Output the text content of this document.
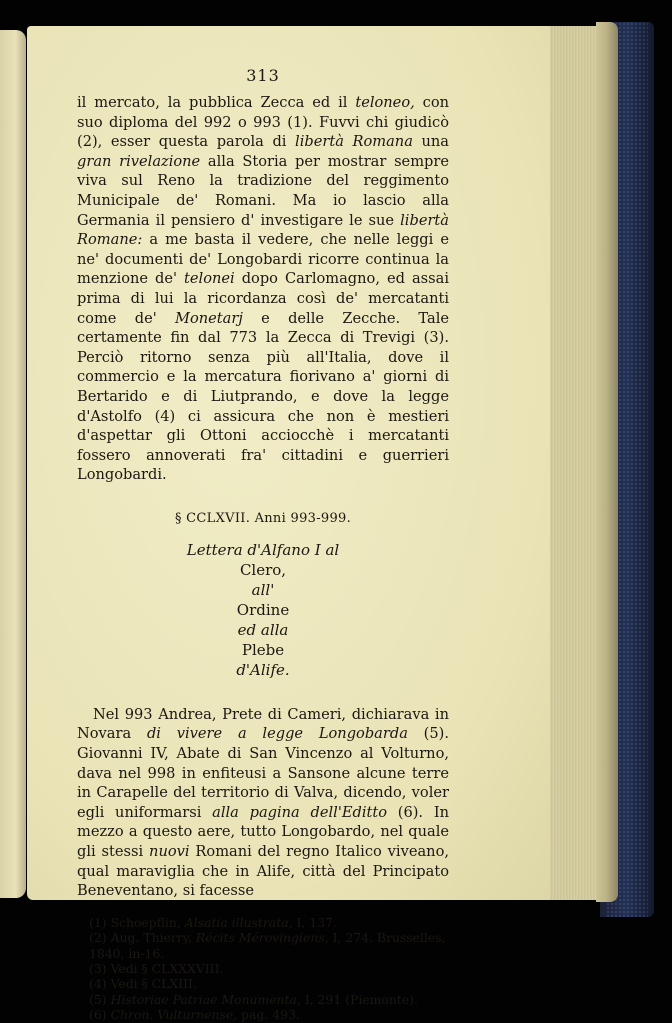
313

il mercato, la pubblica Zecca ed il teloneo, con suo diploma del 992 o 993 (1). Fuvvi chi giudicò (2), esser questa parola di libertà Romana una gran rivelazione alla Storia per mostrar sempre viva sul Reno la tradizione del reggimento Municipale de' Romani. Ma io lascio alla Germania il pensiero d' investigare le sue libertà Romane: a me basta il vedere, che nelle leggi e ne' documenti de' Longobardi ricorre continua la menzione de' telonei dopo Carlomagno, ed assai prima di lui la ricordanza così de' mercatanti come de' Monetarj e delle Zecche. Tale certamente fin dal 773 la Zecca di Trevigi (3). Perciò ritorno senza più all'Italia, dove il commercio e la mercatura fiorivano a' giorni di Bertarido e di Liutprando, e dove la legge d'Astolfo (4) ci assicura che non è mestieri d'aspettar gli Ottoni acciocchè i mercatanti fossero annoverati fra' cittadini e guerrieri Longobardi.

§ CCLXVII. Anni 993-999.
Lettera d'Alfano I al
Clero,
all'
Ordine
ed alla
Plebe
d'Alife.

Nel 993 Andrea, Prete di Cameri, dichiarava in Novara di vivere a legge Longobarda (5). Giovanni IV, Abate di San Vincenzo al Volturno, dava nel 998 in enfiteusi a Sansone alcune terre in Carapelle del territorio di Valva, dicendo, voler egli uniformarsi alla pagina dell'Editto (6). In mezzo a questo aere, tutto Longobardo, nel quale gli stessi nuovi Romani del regno Italico viveano, qual maraviglia che in Alife, città del Principato Beneventano, si facesse

(1) Schoepflin, Alsatia illustrata, I, 137.
(2) Aug. Thierry, Récits Mérovingiens, I, 274. Brusselles, 1840, in-16.
(3) Vedi § CLXXXVIII.
(4) Vedi § CLXIII.
(5) Historiae Patriae Monumenta, I, 291 (Piemonte).
(6) Chron. Vulturnense, pag. 493.
